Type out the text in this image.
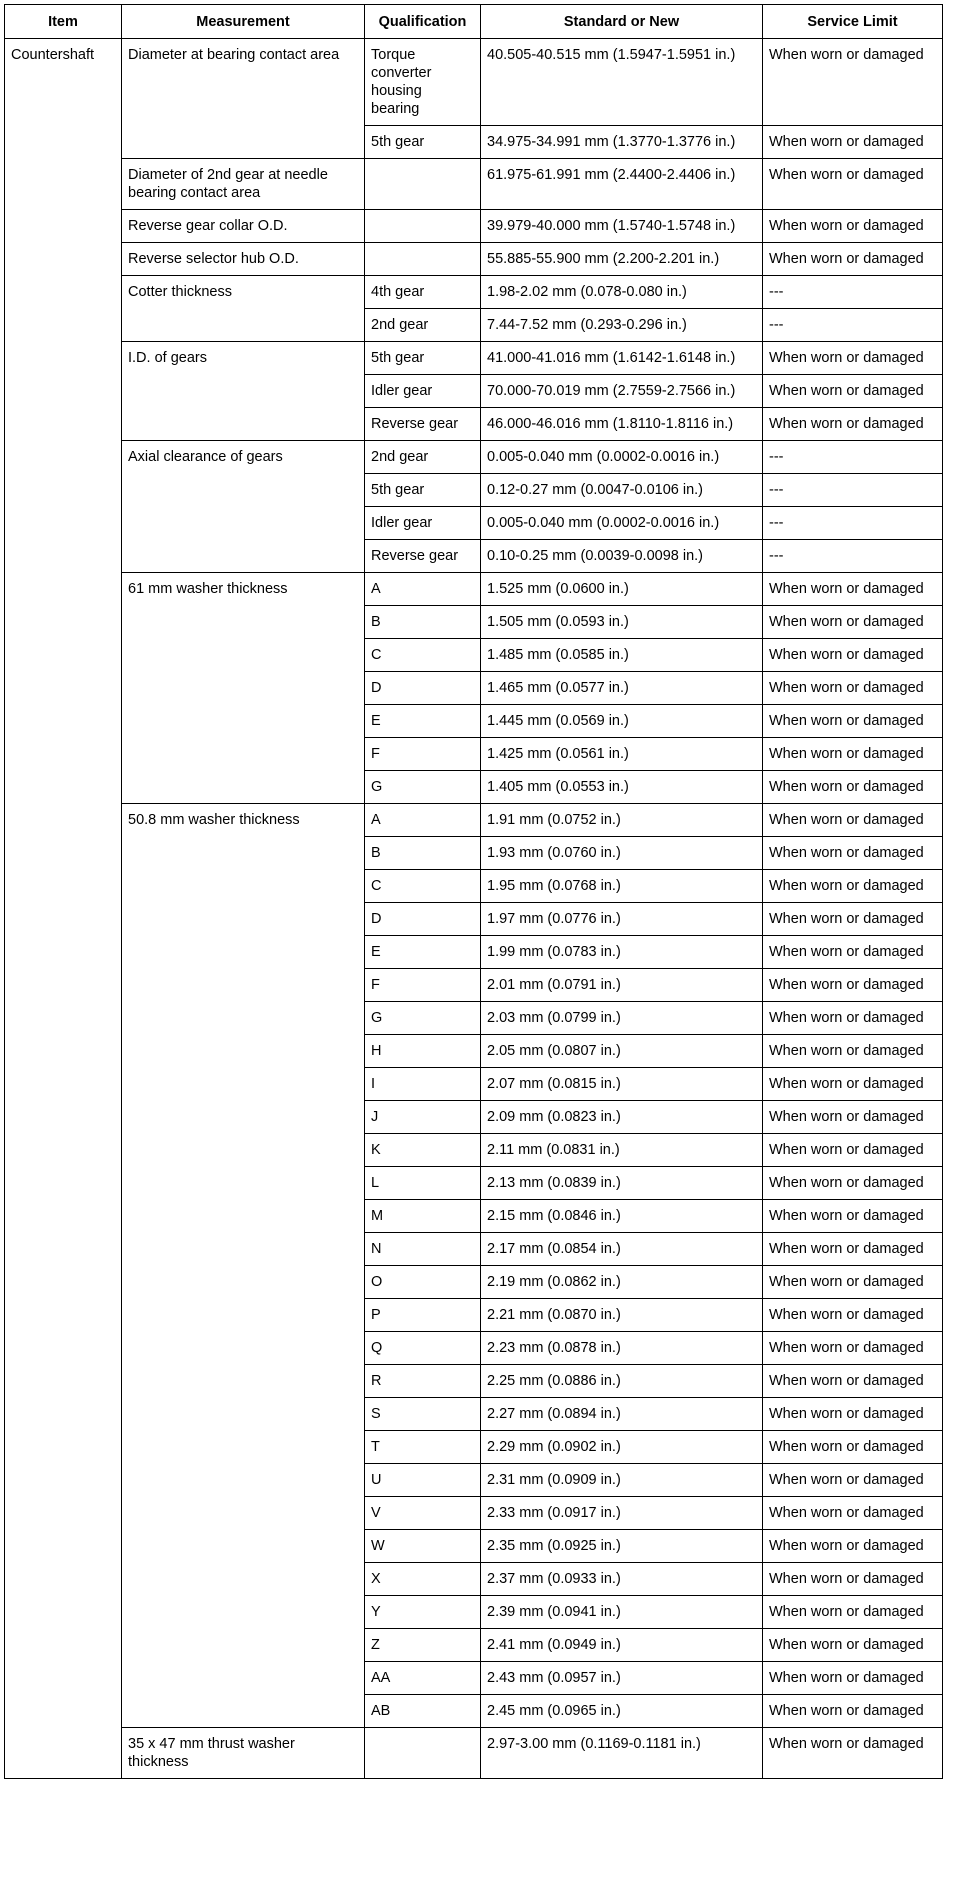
Item	Measurement	Qualification	Standard or New	Service Limit
Countershaft	Diameter at bearing contact area	Torque converter housing bearing	40.505-40.515 mm (1.5947-1.5951 in.)	When worn or damaged
		5th gear	34.975-34.991 mm (1.3770-1.3776 in.)	When worn or damaged
	Diameter of 2nd gear at needle bearing contact area		61.975-61.991 mm (2.4400-2.4406 in.)	When worn or damaged
	Reverse gear collar O.D.		39.979-40.000 mm (1.5740-1.5748 in.)	When worn or damaged
	Reverse selector hub O.D.		55.885-55.900 mm (2.200-2.201 in.)	When worn or damaged
	Cotter thickness	4th gear	1.98-2.02 mm (0.078-0.080 in.)	---
		2nd gear	7.44-7.52 mm (0.293-0.296 in.)	---
	I.D. of gears	5th gear	41.000-41.016 mm (1.6142-1.6148 in.)	When worn or damaged
		Idler gear	70.000-70.019 mm (2.7559-2.7566 in.)	When worn or damaged
		Reverse gear	46.000-46.016 mm (1.8110-1.8116 in.)	When worn or damaged
	Axial clearance of gears	2nd gear	0.005-0.040 mm (0.0002-0.0016 in.)	---
		5th gear	0.12-0.27 mm (0.0047-0.0106 in.)	---
		Idler gear	0.005-0.040 mm (0.0002-0.0016 in.)	---
		Reverse gear	0.10-0.25 mm (0.0039-0.0098 in.)	---
	61 mm washer thickness	A	1.525 mm (0.0600 in.)	When worn or damaged
		B	1.505 mm (0.0593 in.)	When worn or damaged
		C	1.485 mm (0.0585 in.)	When worn or damaged
		D	1.465 mm (0.0577 in.)	When worn or damaged
		E	1.445 mm (0.0569 in.)	When worn or damaged
		F	1.425 mm (0.0561 in.)	When worn or damaged
		G	1.405 mm (0.0553 in.)	When worn or damaged
	50.8 mm washer thickness	A	1.91 mm (0.0752 in.)	When worn or damaged
		B	1.93 mm (0.0760 in.)	When worn or damaged
		C	1.95 mm (0.0768 in.)	When worn or damaged
		D	1.97 mm (0.0776 in.)	When worn or damaged
		E	1.99 mm (0.0783 in.)	When worn or damaged
		F	2.01 mm (0.0791 in.)	When worn or damaged
		G	2.03 mm (0.0799 in.)	When worn or damaged
		H	2.05 mm (0.0807 in.)	When worn or damaged
		I	2.07 mm (0.0815 in.)	When worn or damaged
		J	2.09 mm (0.0823 in.)	When worn or damaged
		K	2.11 mm (0.0831 in.)	When worn or damaged
		L	2.13 mm (0.0839 in.)	When worn or damaged
		M	2.15 mm (0.0846 in.)	When worn or damaged
		N	2.17 mm (0.0854 in.)	When worn or damaged
		O	2.19 mm (0.0862 in.)	When worn or damaged
		P	2.21 mm (0.0870 in.)	When worn or damaged
		Q	2.23 mm (0.0878 in.)	When worn or damaged
		R	2.25 mm (0.0886 in.)	When worn or damaged
		S	2.27 mm (0.0894 in.)	When worn or damaged
		T	2.29 mm (0.0902 in.)	When worn or damaged
		U	2.31 mm (0.0909 in.)	When worn or damaged
		V	2.33 mm (0.0917 in.)	When worn or damaged
		W	2.35 mm (0.0925 in.)	When worn or damaged
		X	2.37 mm (0.0933 in.)	When worn or damaged
		Y	2.39 mm (0.0941 in.)	When worn or damaged
		Z	2.41 mm (0.0949 in.)	When worn or damaged
		AA	2.43 mm (0.0957 in.)	When worn or damaged
		AB	2.45 mm (0.0965 in.)	When worn or damaged
	35 x 47 mm thrust washer thickness		2.97-3.00 mm (0.1169-0.1181 in.)	When worn or damaged
